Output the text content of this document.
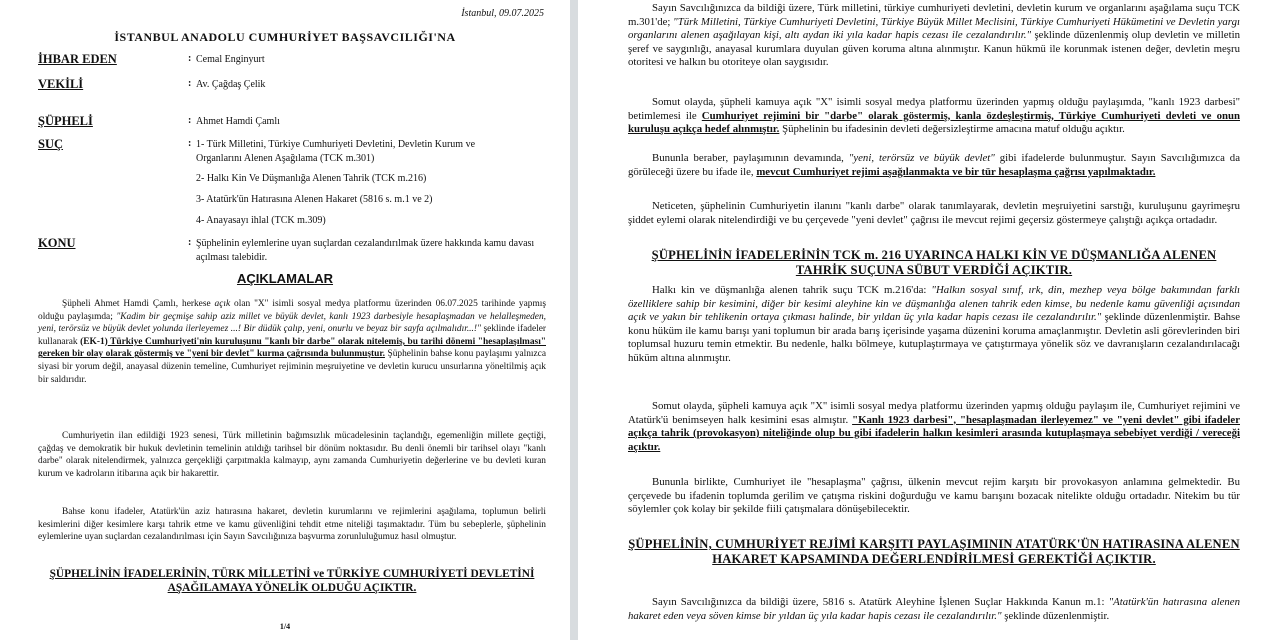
İstanbul, 09.07.2025
İSTANBUL ANADOLU CUMHURİYET BAŞSAVCILIĞI'NA
İHBAR EDEN	: Cemal Enginyurt
VEKİLİ	: Av. Çağdaş Çelik
ŞÜPHELİ	: Ahmet Hamdi Çamlı
SUÇ	: 1- Türk Milletini, Türkiye Cumhuriyeti Devletini, Devletin Kurum ve Organlarını Alenen Aşağılama (TCK m.301)
2- Halkı Kin Ve Düşmanlığa Alenen Tahrik (TCK m.216)
3- Atatürk'ün Hatırasına Alenen Hakaret (5816 s. m.1 ve 2)
4- Anayasayı ihlal (TCK m.309)
KONU	: Şüphelinin eylemlerine uyan suçlardan cezalandırılmak üzere hakkında kamu davası açılması talebidir.
AÇIKLAMALAR
Şüpheli Ahmet Hamdi Çamlı, herkese açık olan "X" isimli sosyal medya platformu üzerinden 06.07.2025 tarihinde yapmış olduğu paylaşımda; "Kadim bir geçmişe sahip aziz millet ve büyük devlet, kanlı 1923 darbesiyle hesaplaşmadan ve helalleşmeden, yeni, terörsüz ve büyük devlet yolunda ilerleyemez ...! Bir düdük çalıp, yeni, onurlu ve beyaz bir sayfa açılmalıdır...!" şeklinde ifadeler kullanarak (EK-1) Türkiye Cumhuriyeti'nin kuruluşunu "kanlı bir darbe" olarak nitelemiş, bu tarihi dönemi "hesaplaşılması" gereken bir olay olarak göstermiş ve "yeni bir devlet" kurma çağrısında bulunmuştur. Şüphelinin bahse konu paylaşımı yalnızca siyasi bir yorum değil, anayasal düzenin temeline, Cumhuriyet rejiminin meşruiyetine ve devletin kurucu unsurlarına yöneltilmiş açık bir saldırıdır.
Cumhuriyetin ilan edildiği 1923 senesi, Türk milletinin bağımsızlık mücadelesinin taçlandığı, egemenliğin millete geçtiği, çağdaş ve demokratik bir hukuk devletinin temelinin atıldığı tarihsel bir dönüm noktasıdır. Bu denli önemli bir tarihsel olayı "kanlı darbe" olarak nitelendirmek, yalnızca gerçekliği çarpıtmakla kalmayıp, aynı zamanda Cumhuriyetin değerlerine ve bu devleti kuran kurum ve kadroların itibarına açık bir hakarettir.
Bahse konu ifadeler, Atatürk'ün aziz hatırasına hakaret, devletin kurumlarını ve rejimlerini aşağılama, toplumun belirli kesimlerini diğer kesimlere karşı tahrik etme ve kamu güvenliğini tehdit etme niteliği taşımaktadır. Tüm bu sebeplerle, şüphelinin eylemlerine uyan suçlardan cezalandırılması için Sayın Savcılığınıza başvurma zorunluluğumuz hasıl olmuştur.
ŞÜPHELİNİN İFADELERİNİN, TÜRK MİLLETİNİ ve TÜRKİYE CUMHURİYETİ DEVLETİNİ AŞAĞILAMAYA YÖNELİK OLDUĞU AÇIKTIR.
1/4
Sayın Savcılığınızca da bildiği üzere, Türk milletini, türkiye cumhuriyeti devletini, devletin kurum ve organlarını aşağılama suçu TCK m.301'de; "Türk Milletini, Türkiye Cumhuriyeti Devletini, Türkiye Büyük Millet Meclisini, Türkiye Cumhuriyeti Hükümetini ve Devletin yargı organlarını alenen aşağılayan kişi, altı aydan iki yıla kadar hapis cezası ile cezalandırılır." şeklinde düzenlenmiş olup devletin ve milletin şeref ve saygınlığı, anayasal kurumlara duyulan güven koruma altına alınmıştır. Kanun hükmü ile korunmak istenen değer, devletin meşru otoritesi ve halkın bu otoriteye olan saygısıdır.
Somut olayda, şüpheli kamuya açık "X" isimli sosyal medya platformu üzerinden yapmış olduğu paylaşımda, "kanlı 1923 darbesi" betimlemesi ile Cumhuriyet rejimini bir "darbe" olarak göstermiş, kanla özdeşleştirmiş, Türkiye Cumhuriyeti devleti ve onun kuruluşu açıkça hedef alınmıştır. Şüphelinin bu ifadesinin devleti değersizleştirme amacına matuf olduğu açıktır.
Bununla beraber, paylaşımının devamında, "yeni, terörsüz ve büyük devlet" gibi ifadelerde bulunmuştur. Sayın Savcılığımızca da görüleceği üzere bu ifade ile, mevcut Cumhuriyet rejimi aşağılanmakta ve bir tür hesaplaşma çağrısı yapılmaktadır.
Neticeten, şüphelinin Cumhuriyetin ilanını "kanlı darbe" olarak tanımlayarak, devletin meşruiyetini sarstığı, kuruluşunu gayrimeşru şiddet eylemi olarak nitelendirdiği ve bu çerçevede "yeni devlet" çağrısı ile mevcut rejimi geçersiz göstermeye çalıştığı açıkça ortadadır.
ŞÜPHELİNİN İFADELERİNİN TCK m. 216 UYARINCA HALKI KİN VE DÜŞMANLIĞA ALENEN TAHRİK SUÇUNA SÜBUT VERDİĞİ AÇIKTIR.
Halkı kin ve düşmanlığa alenen tahrik suçu TCK m.216'da: "Halkın sosyal sınıf, ırk, din, mezhep veya bölge bakımından farklı özelliklere sahip bir kesimini, diğer bir kesimi aleyhine kin ve düşmanlığa alenen tahrik eden kimse, bu nedenle kamu güvenliği açısından açık ve yakın bir tehlikenin ortaya çıkması halinde, bir yıldan üç yıla kadar hapis cezası ile cezalandırılır." şeklinde düzenlenmiştir. Bahse konu hüküm ile kamu barışı yani toplumun bir arada barış içerisinde yaşama düzenini koruma amaçlanmıştır. Devletin asli görevlerinden biri toplumsal huzuru temin etmektir. Bu nedenle, halkı bölmeye, kutuplaştırmaya ve çatıştırmaya yönelik söz ve davranışların cezalandırılacağı hüküm altına alınmıştır.
Somut olayda, şüpheli kamuya açık "X" isimli sosyal medya platformu üzerinden yapmış olduğu paylaşım ile, Cumhuriyet rejimini ve Atatürk'ü benimseyen halk kesimini esas almıştır. "Kanlı 1923 darbesi", "hesaplaşmadan ilerleyemez" ve "yeni devlet" gibi ifadeler açıkça tahrik (provokasyon) niteliğinde olup bu gibi ifadelerin halkın kesimleri arasında kutuplaşmaya sebebiyet verdiği / vereceği açıktır.
Bununla birlikte, Cumhuriyet ile "hesaplaşma" çağrısı, ülkenin mevcut rejim karşıtı bir provokasyon anlamına gelmektedir. Bu çerçevede bu ifadenin toplumda gerilim ve çatışma riskini doğurduğu ve kamu barışını bozacak nitelikte olduğu ortadadır. Nitekim bu tür söylemler çok kolay bir şekilde fiili çatışmalara dönüşebilecektir.
ŞÜPHELİNİN, CUMHURİYET REJİMİ KARŞITI PAYLAŞIMININ ATATÜRK'ÜN HATIRASINA ALENEN HAKARET KAPSAMINDA DEĞERLENDİRİLMESİ GEREKTİĞİ AÇIKTIR.
Sayın Savcılığınızca da bildiği üzere, 5816 s. Atatürk Aleyhine İşlenen Suçlar Hakkında Kanun m.1: "Atatürk'ün hatırasına alenen hakaret eden veya söven kimse bir yıldan üç yıla kadar hapis cezası ile cezalandırılır." şeklinde düzenlenmiştir.
